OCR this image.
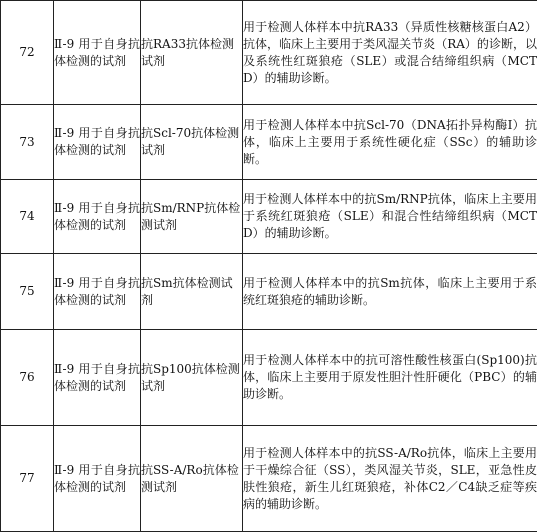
72	Ⅱ-9 用于自身抗体检测的试剂	抗RA33抗体检测试剂	用于检测人体样本中抗RA33（异质性核糖核蛋白A2）抗体，临床上主要用于类风湿关节炎（RA）的诊断，以及系统性红斑狼疮（SLE）或混合结缔组织病（MCTD）的辅助诊断。
73	Ⅱ-9 用于自身抗体检测的试剂	抗Scl-70抗体检测试剂	用于检测人体样本中抗Scl-70（DNA拓扑异构酶Ⅰ）抗体，临床上主要用于系统性硬化症（SSc）的辅助诊断。
74	Ⅱ-9 用于自身抗体检测的试剂	抗Sm/RNP抗体检测试剂	用于检测人体样本中的抗Sm/RNP抗体，临床上主要用于系统红斑狼疮（SLE）和混合性结缔组织病（MCTD）的辅助诊断。
75	Ⅱ-9 用于自身抗体检测的试剂	抗Sm抗体检测试剂	用于检测人体样本中的抗Sm抗体，临床上主要用于系统红斑狼疮的辅助诊断。
76	Ⅱ-9 用于自身抗体检测的试剂	抗Sp100抗体检测试剂	用于检测人体样本中的抗可溶性酸性核蛋白(Sp100)抗体，临床上主要用于原发性胆汁性肝硬化（PBC）的辅助诊断。
77	Ⅱ-9 用于自身抗体检测的试剂	抗SS-A/Ro抗体检测试剂	用于检测人体样本中的抗SS-A/Ro抗体，临床上主要用于干燥综合征（SS），类风湿关节炎，SLE，亚急性皮肤性狼疮，新生儿红斑狼疮，补体C2／C4缺乏症等疾病的辅助诊断。
